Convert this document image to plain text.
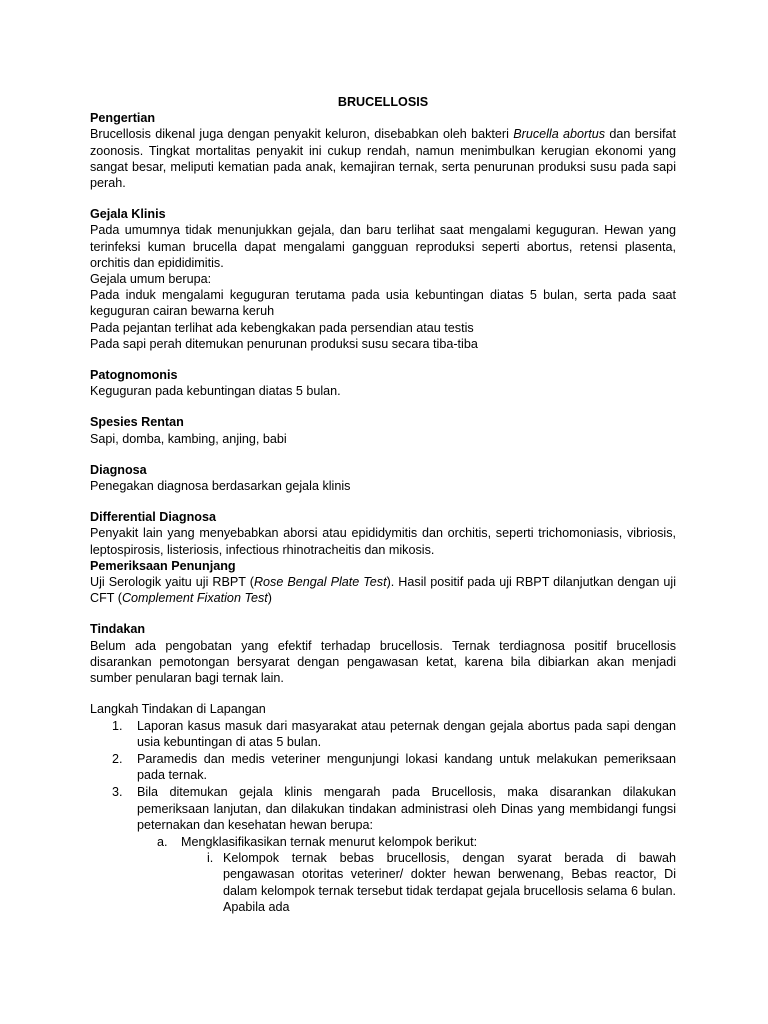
BRUCELLOSIS

Pengertian

Brucellosis dikenal juga dengan penyakit keluron, disebabkan oleh bakteri Brucella abortus dan bersifat zoonosis. Tingkat mortalitas penyakit ini cukup rendah, namun menimbulkan kerugian ekonomi yang sangat besar, meliputi kematian pada anak, kemajiran ternak, serta penurunan produksi susu pada sapi perah.

Gejala Klinis

Pada umumnya tidak menunjukkan gejala, dan baru terlihat saat mengalami keguguran. Hewan yang terinfeksi kuman brucella dapat mengalami gangguan reproduksi seperti abortus, retensi plasenta, orchitis dan epididimitis.

Gejala umum berupa:

Pada induk mengalami keguguran terutama pada usia kebuntingan diatas 5 bulan, serta pada saat keguguran cairan bewarna keruh

Pada pejantan terlihat ada kebengkakan pada persendian atau testis

Pada sapi perah ditemukan penurunan produksi susu secara tiba-tiba

Patognomonis

Keguguran pada kebuntingan diatas 5 bulan.

Spesies Rentan

Sapi, domba, kambing, anjing, babi

Diagnosa

Penegakan diagnosa berdasarkan gejala klinis

Differential Diagnosa

Penyakit lain yang menyebabkan aborsi atau epididymitis dan orchitis, seperti trichomoniasis, vibriosis, leptospirosis, listeriosis, infectious rhinotracheitis dan mikosis.

Pemeriksaan Penunjang

Uji Serologik yaitu uji RBPT (Rose Bengal Plate Test). Hasil positif pada uji RBPT dilanjutkan dengan uji CFT (Complement Fixation Test)

Tindakan

Belum ada pengobatan yang efektif terhadap brucellosis. Ternak terdiagnosa positif brucellosis disarankan pemotongan bersyarat dengan pengawasan ketat, karena bila dibiarkan akan menjadi sumber penularan bagi ternak lain.

Langkah Tindakan di Lapangan

1. Laporan kasus masuk dari masyarakat atau peternak dengan gejala abortus pada sapi dengan usia kebuntingan di atas 5 bulan.
2. Paramedis dan medis veteriner mengunjungi lokasi kandang untuk melakukan pemeriksaan pada ternak.
3. Bila ditemukan gejala klinis mengarah pada Brucellosis, maka disarankan dilakukan pemeriksaan lanjutan, dan dilakukan tindakan administrasi oleh Dinas yang membidangi fungsi peternakan dan kesehatan hewan berupa:

a. Mengklasifikasikan ternak menurut kelompok berikut:

i. Kelompok ternak bebas brucellosis, dengan syarat berada di bawah pengawasan otoritas veteriner/ dokter hewan berwenang, Bebas reactor, Di dalam kelompok ternak tersebut tidak terdapat gejala brucellosis selama 6 bulan. Apabila ada
